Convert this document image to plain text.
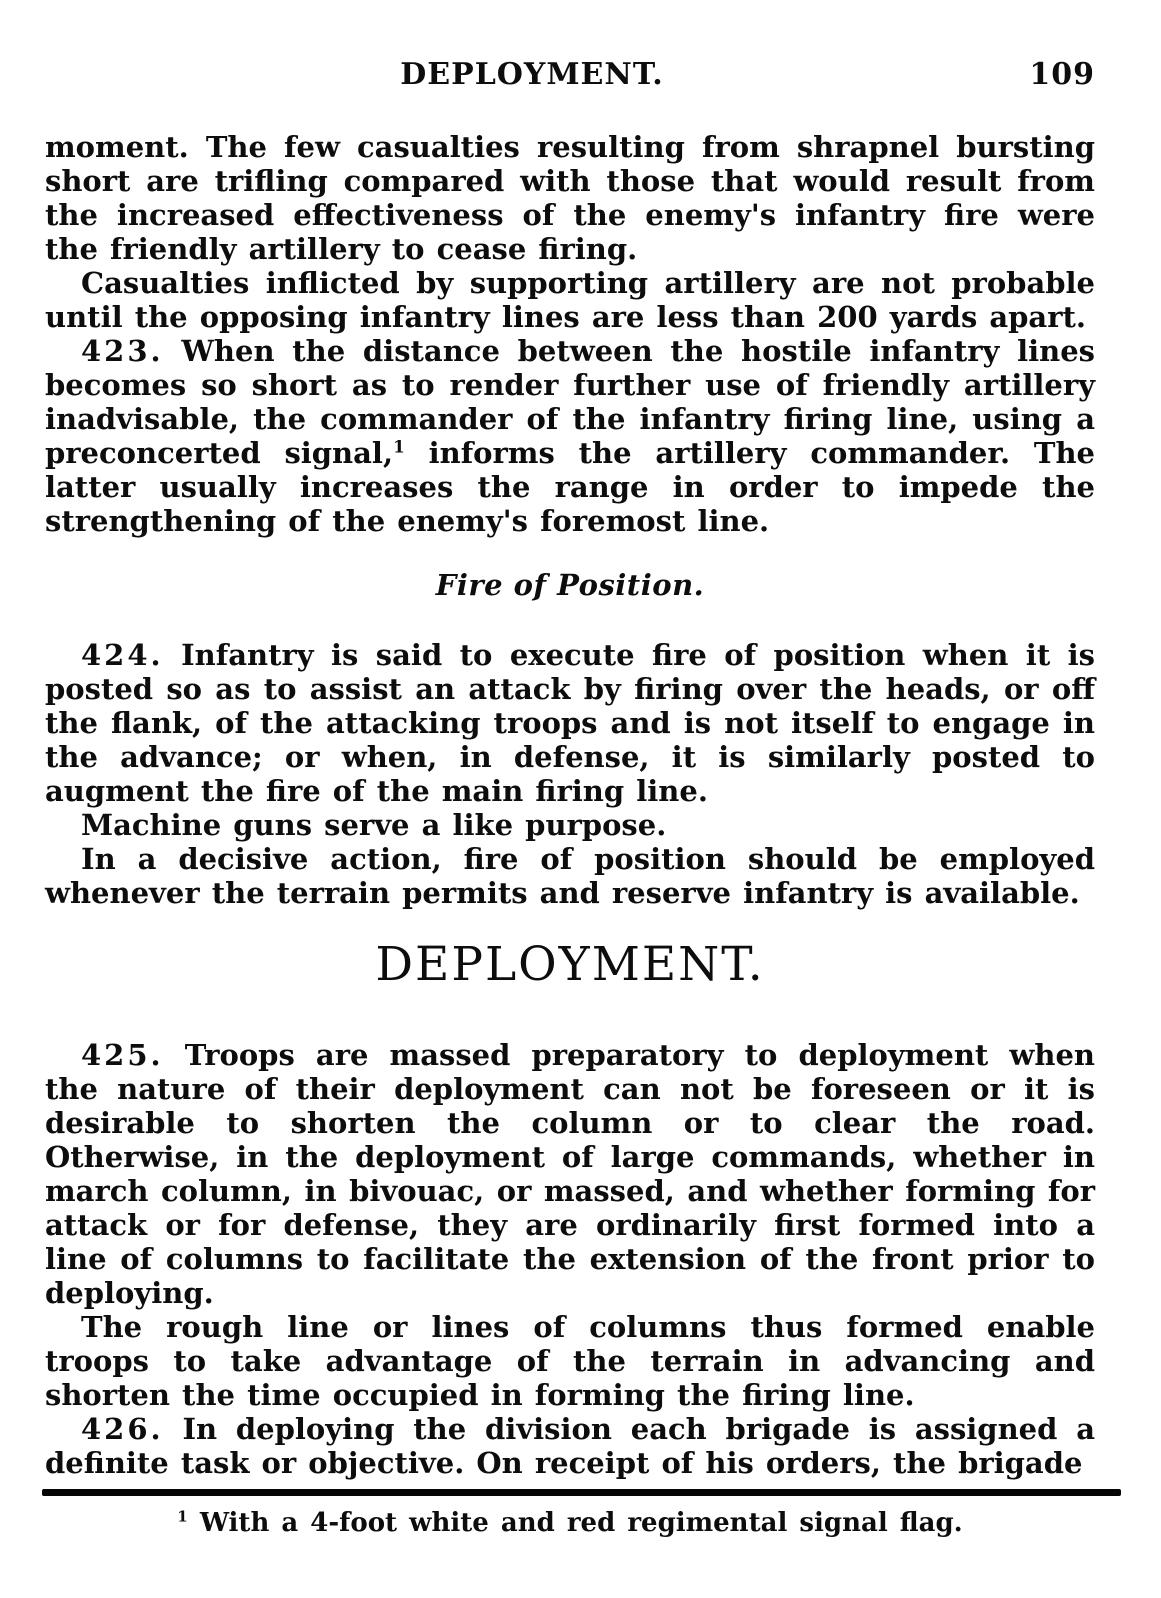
DEPLOYMENT.	109

moment. The few casualties resulting from shrapnel bursting short are trifling compared with those that would result from the increased effectiveness of the enemy's infantry fire were the friendly artillery to cease firing.

Casualties inflicted by supporting artillery are not probable until the opposing infantry lines are less than 200 yards apart.

423. When the distance between the hostile infantry lines becomes so short as to render further use of friendly artillery inadvisable, the commander of the infantry firing line, using a preconcerted signal,$^1$ informs the artillery commander. The latter usually increases the range in order to impede the strengthening of the enemy's foremost line.

Fire of Position.

424. Infantry is said to execute fire of position when it is posted so as to assist an attack by firing over the heads, or off the flank, of the attacking troops and is not itself to engage in the advance; or when, in defense, it is similarly posted to augment the fire of the main firing line.

Machine guns serve a like purpose.

In a decisive action, fire of position should be employed whenever the terrain permits and reserve infantry is available.

DEPLOYMENT.

425. Troops are massed preparatory to deployment when the nature of their deployment can not be foreseen or it is desirable to shorten the column or to clear the road. Otherwise, in the deployment of large commands, whether in march column, in bivouac, or massed, and whether forming for attack or for defense, they are ordinarily first formed into a line of columns to facilitate the extension of the front prior to deploying.

The rough line or lines of columns thus formed enable troops to take advantage of the terrain in advancing and shorten the time occupied in forming the firing line.

426. In deploying the division each brigade is assigned a definite task or objective. On receipt of his orders, the brigade

$^1$ With a 4-foot white and red regimental signal flag.
